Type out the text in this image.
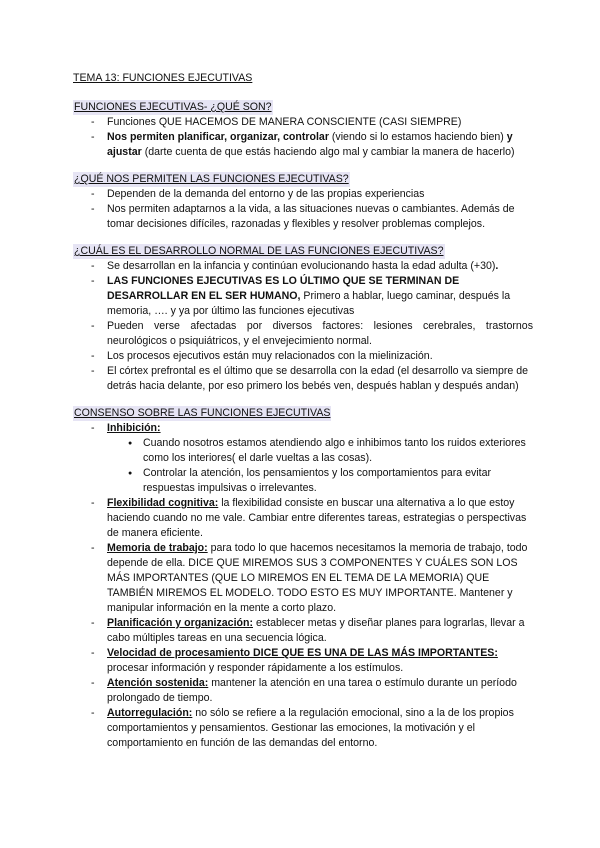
TEMA 13: FUNCIONES EJECUTIVAS
FUNCIONES EJECUTIVAS- ¿QUÉ SON?
- Funciones QUE HACEMOS DE MANERA CONSCIENTE (CASI SIEMPRE)
- Nos permiten planificar, organizar, controlar (viendo si lo estamos haciendo bien) y ajustar (darte cuenta de que estás haciendo algo mal y cambiar la manera de hacerlo)
¿QUÉ NOS PERMITEN LAS FUNCIONES EJECUTIVAS?
- Dependen de la demanda del entorno y de las propias experiencias
- Nos permiten adaptarnos a la vida, a las situaciones nuevas o cambiantes. Además de tomar decisiones difíciles, razonadas y flexibles y resolver problemas complejos.
¿CUÁL ES EL DESARROLLO NORMAL DE LAS FUNCIONES EJECUTIVAS?
- Se desarrollan en la infancia y continúan evolucionando hasta la edad adulta (+30).
- LAS FUNCIONES EJECUTIVAS ES LO ÚLTIMO QUE SE TERMINAN DE DESARROLLAR EN EL SER HUMANO, Primero a hablar, luego caminar, después la memoria, …. y ya por último las funciones ejecutivas
- Pueden verse afectadas por diversos factores: lesiones cerebrales, trastornos neurológicos o psiquiátricos, y el envejecimiento normal.
- Los procesos ejecutivos están muy relacionados con la mielinización.
- El córtex prefrontal es el último que se desarrolla con la edad (el desarrollo va siempre de detrás hacia delante, por eso primero los bebés ven, después hablan y después andan)
CONSENSO SOBRE LAS FUNCIONES EJECUTIVAS
- Inhibición:
● Cuando nosotros estamos atendiendo algo e inhibimos tanto los ruidos exteriores como los interiores( el darle vueltas a las cosas).
● Controlar la atención, los pensamientos y los comportamientos para evitar respuestas impulsivas o irrelevantes.
- Flexibilidad cognitiva: la flexibilidad consiste en buscar una alternativa a lo que estoy haciendo cuando no me vale. Cambiar entre diferentes tareas, estrategias o perspectivas de manera eficiente.
- Memoria de trabajo: para todo lo que hacemos necesitamos la memoria de trabajo, todo depende de ella. DICE QUE MIREMOS SUS 3 COMPONENTES Y CUÁLES SON LOS MÁS IMPORTANTES (QUE LO MIREMOS EN EL TEMA DE LA MEMORIA) QUE TAMBIÉN MIREMOS EL MODELO. TODO ESTO ES MUY IMPORTANTE. Mantener y manipular información en la mente a corto plazo.
- Planificación y organización: establecer metas y diseñar planes para lograrlas, llevar a cabo múltiples tareas en una secuencia lógica.
- Velocidad de procesamiento DICE QUE ES UNA DE LAS MÁS IMPORTANTES: procesar información y responder rápidamente a los estímulos.
- Atención sostenida: mantener la atención en una tarea o estímulo durante un período prolongado de tiempo.
- Autorregulación: no sólo se refiere a la regulación emocional, sino a la de los propios comportamientos y pensamientos. Gestionar las emociones, la motivación y el comportamiento en función de las demandas del entorno.
